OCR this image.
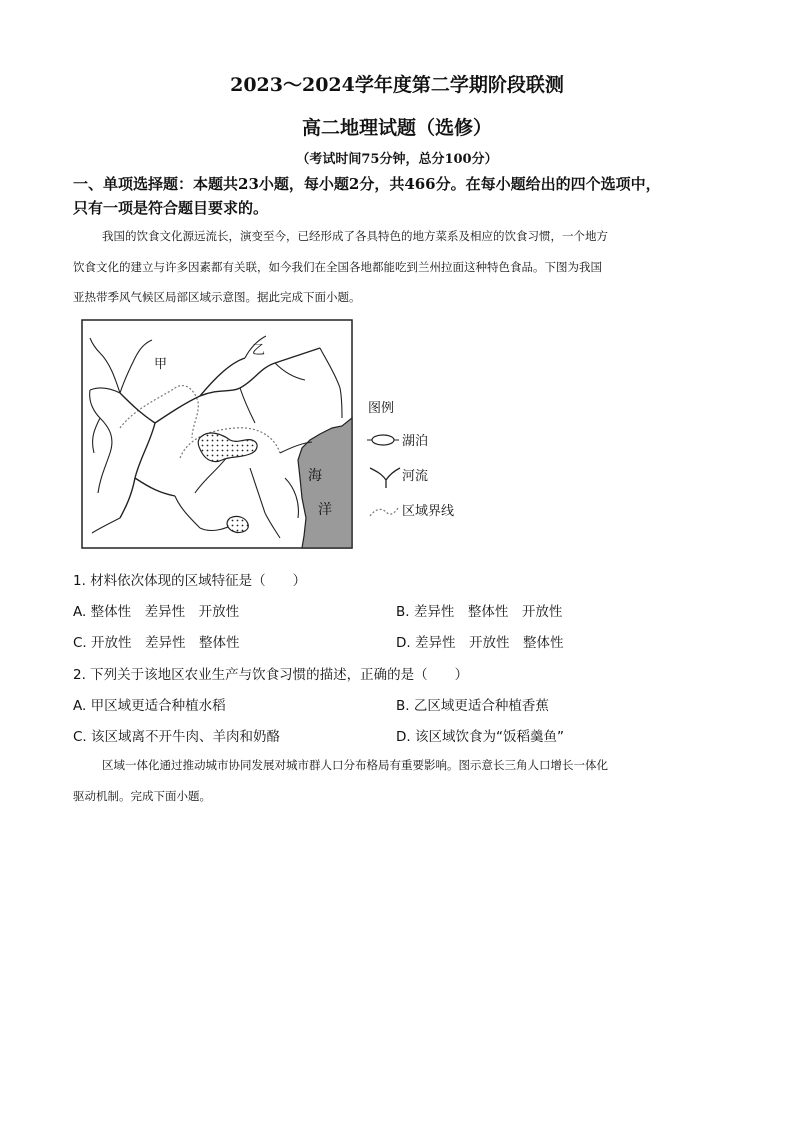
2023～2024学年度第二学期阶段联测
高二地理试题（选修）
（考试时间75分钟，总分100分）
一、单项选择题：本题共23小题，每小题2分，共466分。在每小题给出的四个选项中，
只有一项是符合题目要求的。
我国的饮食文化源远流长，演变至今，已经形成了各具特色的地方菜系及相应的饮食习惯，一个地方
饮食文化的建立与许多因素都有关联，如今我们在全国各地都能吃到兰州拉面这种特色食品。下图为我国
亚热带季风气候区局部区域示意图。据此完成下面小题。
甲
乙
海
洋
图例
湖泊
河流
区域界线
1. 材料依次体现的区域特征是（　　）
A. 整体性　差异性　开放性	B. 差异性　整体性　开放性
C. 开放性　差异性　整体性	D. 差异性　开放性　整体性
2. 下列关于该地区农业生产与饮食习惯的描述，正确的是（　　）
A. 甲区域更适合种植水稻	B. 乙区域更适合种植香蕉
C. 该区域离不开牛肉、羊肉和奶酪	D. 该区域饮食为“饭稻羹鱼”
区域一体化通过推动城市协同发展对城市群人口分布格局有重要影响。图示意长三角人口增长一体化
驱动机制。完成下面小题。
